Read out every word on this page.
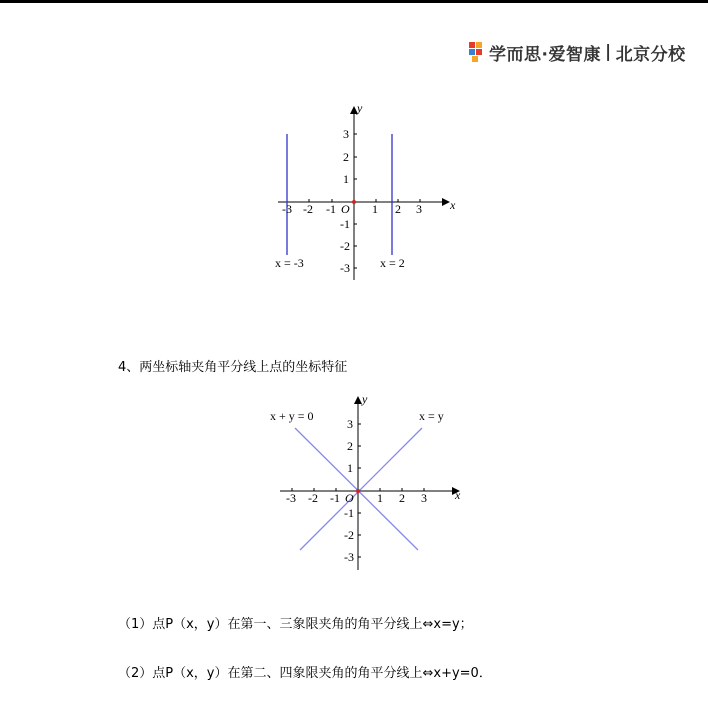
学而思·爱智康 | 北京分校
x
y
O
-3 -2 -1	1 2 3
3
2
1
-1
-2
-3
x = -3	x = 2
4、两坐标轴夹角平分线上点的坐标特征
x
y
O
-3 -2 -1	1 2 3
3
2
1
-1
-2
-3
x + y = 0	x = y
（1）点P（x，y）在第一、三象限夹角的角平分线上⇔x=y；
（2）点P（x，y）在第二、四象限夹角的角平分线上⇔x+y=0．
